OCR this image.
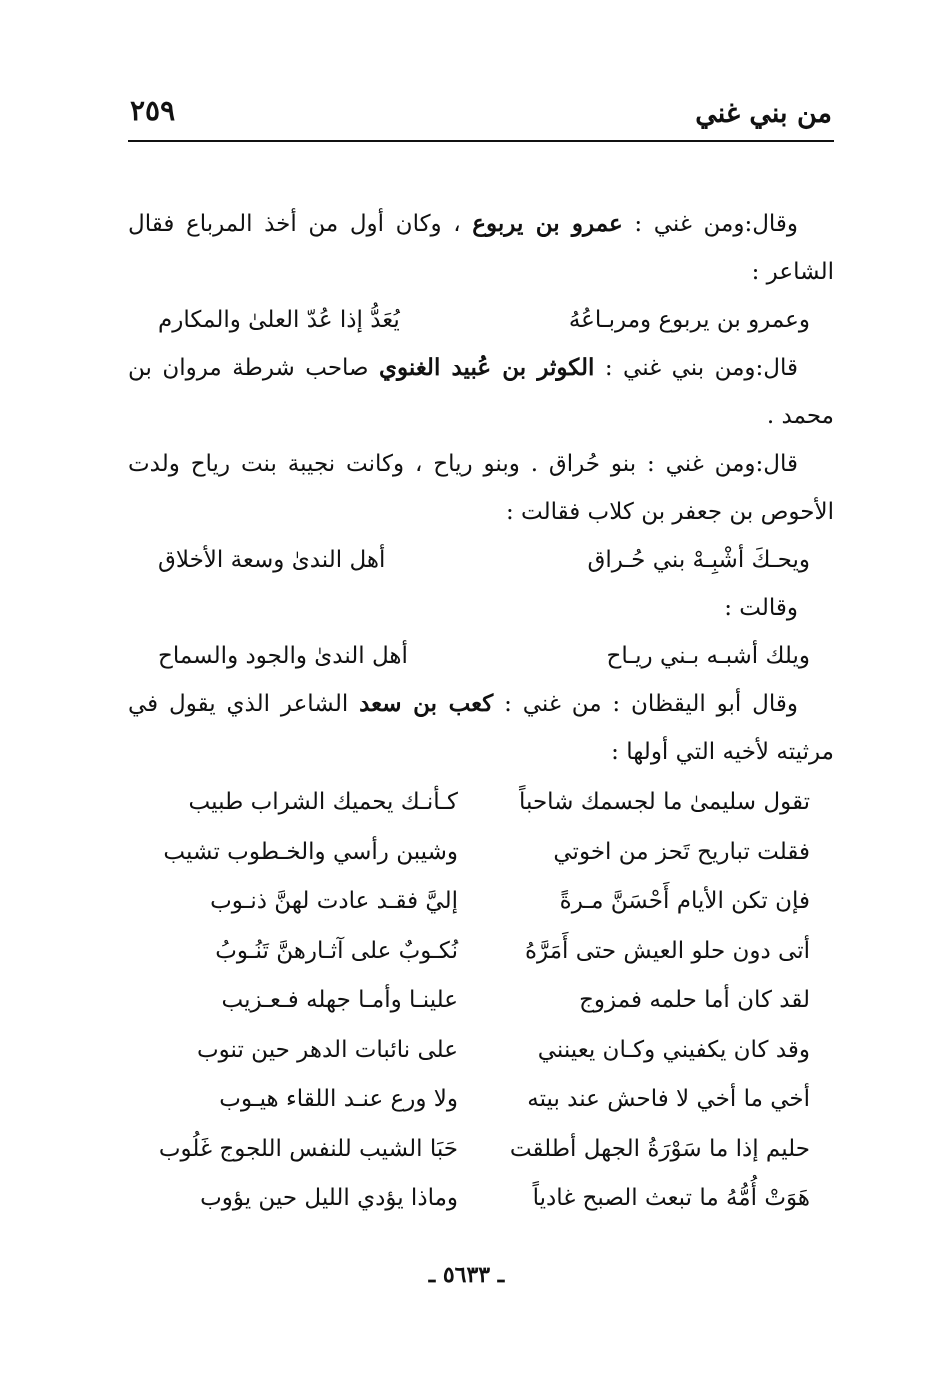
من بني غني
٢٥٩

وقال:ومن غني : عمرو بن يربوع ، وكان أول من أخذ المرباع فقال الشاعر :

وعمرو بن يربوع ومربـاعُهُ
يُعَدُّ إذا عُدّ العلىٰ والمكارم

قال:ومن بني غني : الكوثر بن عُبيد الغنوي صاحب شرطة مروان بن محمد .

قال:ومن غني : بنو حُراق . وبنو رياح ، وكانت نجيبة بنت رياح ولدت الأحوص بن جعفر بن كلاب فقالت :

ويحـكَ أشْبِـهْ بني حُـراق
أهل الندىٰ وسعة الأخلاق

وقالت :

ويلك أشبـه بـني ريـاح
أهل الندىٰ والجود والسماح

وقال أبو اليقظان : من غني : كعب بن سعد الشاعر الذي يقول في مرثيته لأخيه التي أولها :

تقول سليمىٰ ما لجسمك شاحباً
كـأنـك يحميك الشراب طبيب
فقلت تباريح تَحز من اخوتي
وشيبن رأسي والخـطوب تشيب
فإن تكن الأيام أَحْسَنَّ مـرةً
إليَّ فقـد عادت لهنَّ ذنـوب
أتى دون حلو العيش حتى أَمَرَّهُ
نُكـوبٌ على آثـارهنَّ تَنُـوبُ
لقد كان أما حلمه فمزوج
علينـا وأمـا جهله فـعـزيب
وقد كان يكفيني وكـان يعينني
على نائبات الدهر حين تنوب
أخي ما أخي لا فاحش عند بيته
ولا ورع عنـد اللقاء هيـوب
حليم إذا ما سَوْرَةُ الجهل أطلقت
حَبَا الشيب للنفس اللجوج غَلُوب
هَوَتْ أُمُّهُ ما تبعث الصبح غادياً
وماذا يؤدي الليل حين يؤوب
ـ ٥٦٣٣ ـ
